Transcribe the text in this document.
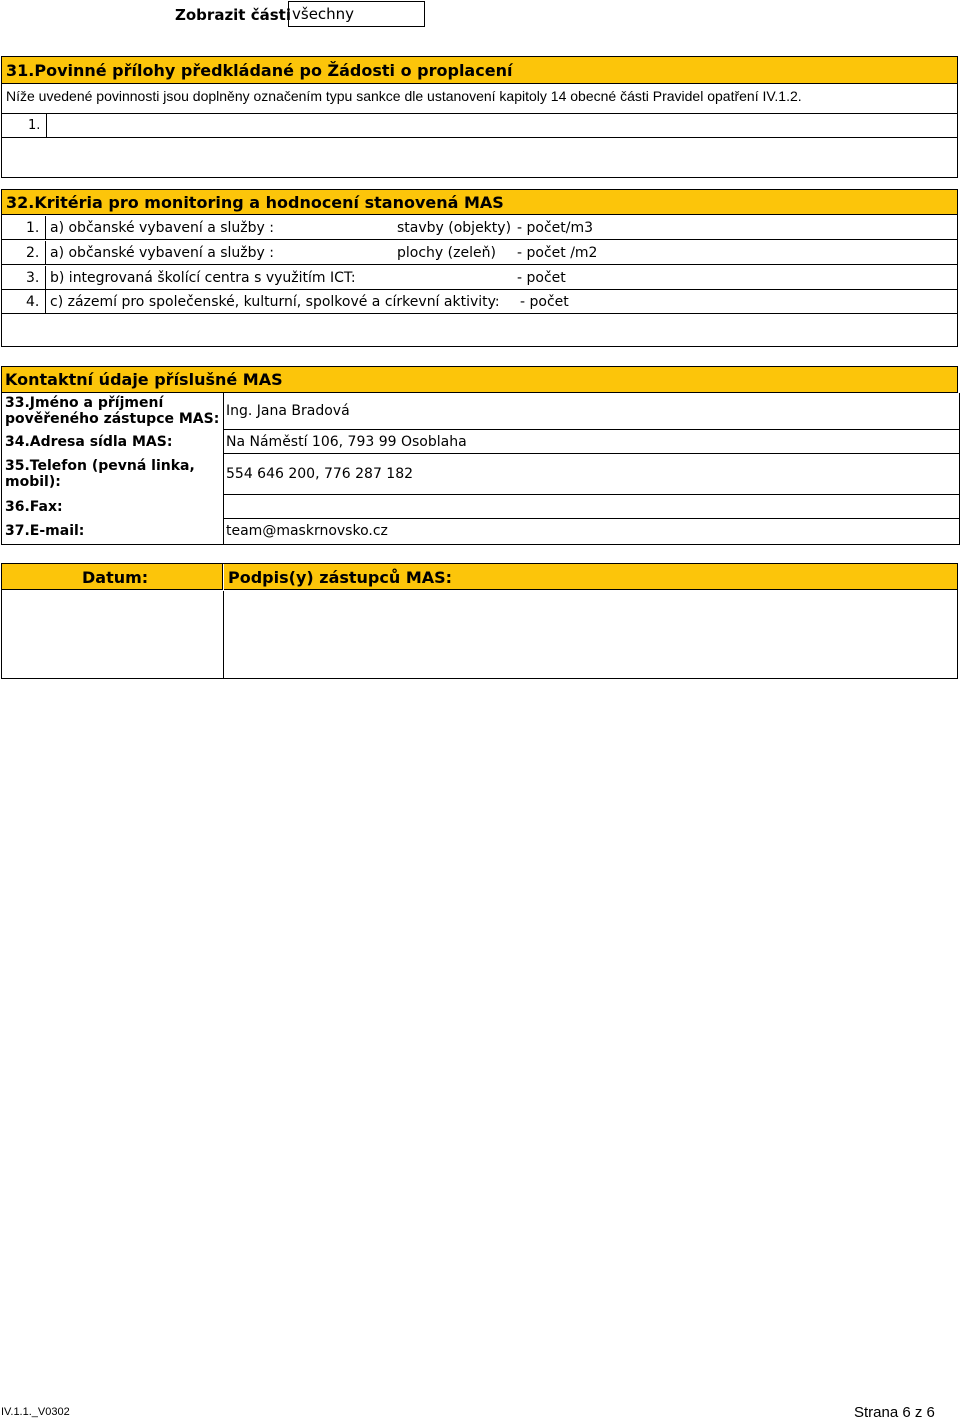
Zobrazit části všechny
31.Povinné přílohy předkládané po Žádosti o proplacení
Níže uvedené povinnosti jsou doplněny označením typu sankce dle ustanovení kapitoly 14 obecné části Pravidel opatření IV.1.2.
1.
32.Kritéria pro monitoring a hodnocení stanovená MAS
1. a) občanské vybavení a služby :	stavby (objekty) - počet/m3
2. a) občanské vybavení a služby :	plochy (zeleň) - počet /m2
3. b) integrovaná školící centra s využitím ICT:	- počet
4. c) zázemí pro společenské, kulturní, spolkové a církevní aktivity: - počet
Kontaktní údaje příslušné MAS
33.Jméno a příjmení pověřeného zástupce MAS: Ing. Jana Bradová
34.Adresa sídla MAS:	Na Náměstí 106, 793 99 Osoblaha
35.Telefon (pevná linka, mobil):	554 646 200, 776 287 182
36.Fax:
37.E-mail:	team@maskrnovsko.cz
Datum:	Podpis(y) zástupců MAS:
IV.1.1._V0302	Strana 6 z 6
